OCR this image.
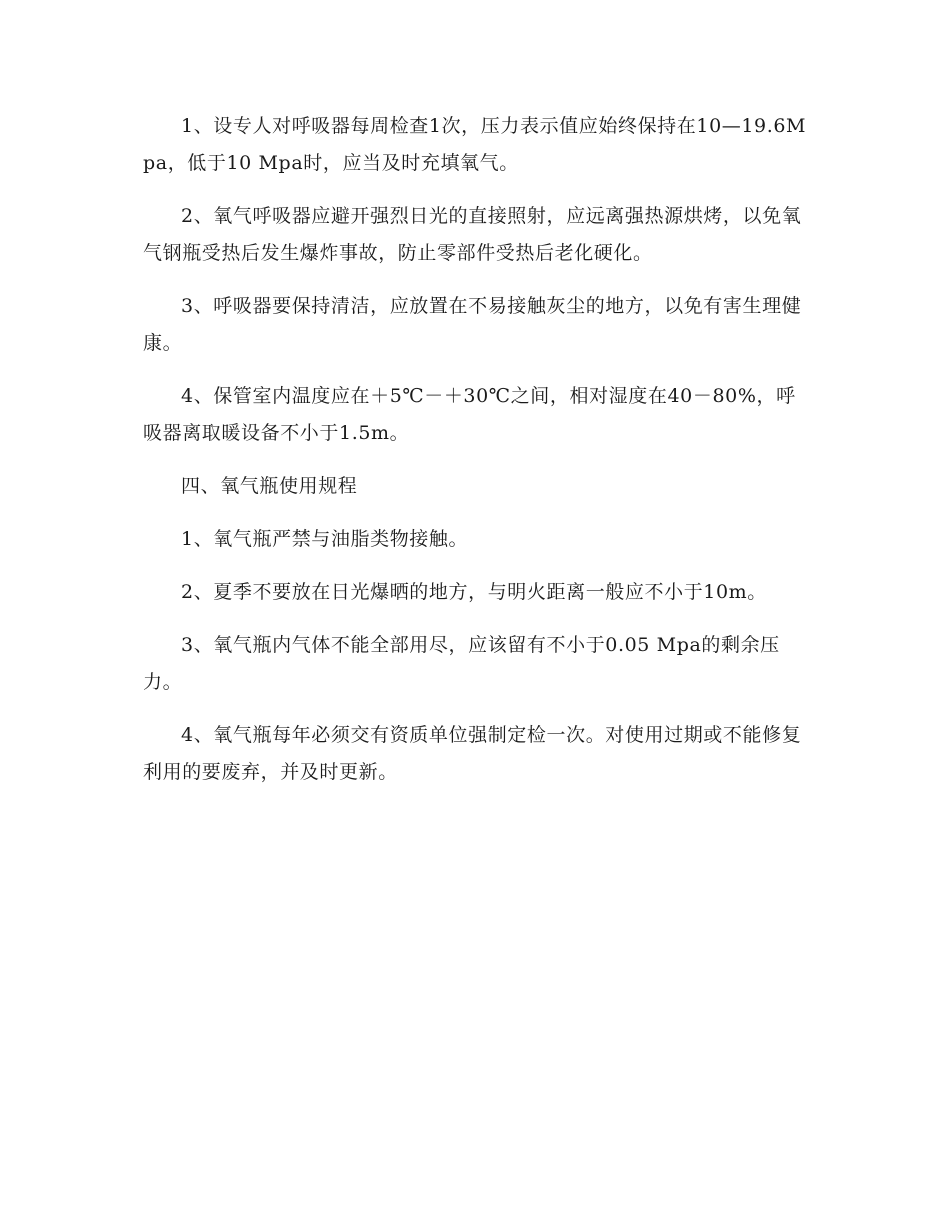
1、设专人对呼吸器每周检查1次，压力表示值应始终保持在10—19.6Mpa，低于10 Mpa时，应当及时充填氧气。

2、氧气呼吸器应避开强烈日光的直接照射，应远离强热源烘烤，以免氧气钢瓶受热后发生爆炸事故，防止零部件受热后老化硬化。

3、呼吸器要保持清洁，应放置在不易接触灰尘的地方，以免有害生理健康。

4、保管室内温度应在＋5℃－＋30℃之间，相对湿度在40－80%，呼吸器离取暖设备不小于1.5m。

四、氧气瓶使用规程

1、氧气瓶严禁与油脂类物接触。

2、夏季不要放在日光爆晒的地方，与明火距离一般应不小于10m。

3、氧气瓶内气体不能全部用尽，应该留有不小于0.05 Mpa的剩余压力。

4、氧气瓶每年必须交有资质单位强制定检一次。对使用过期或不能修复利用的要废弃，并及时更新。
